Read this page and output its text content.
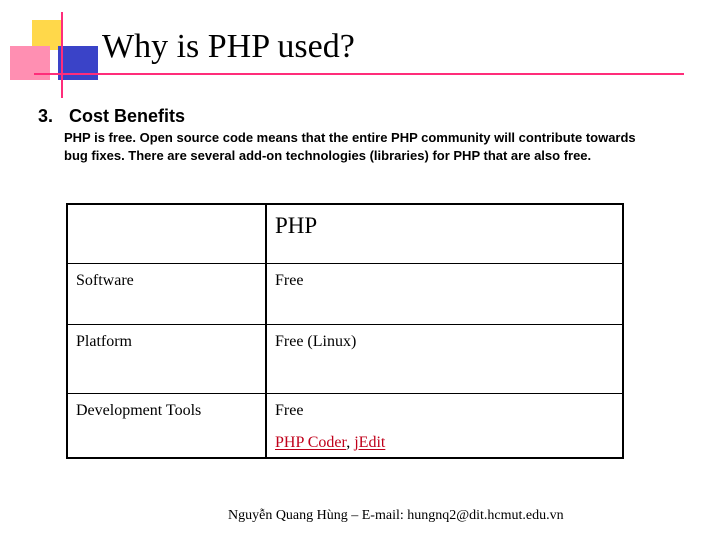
Why is PHP used?
3. Cost Benefits
PHP is free. Open source code means that the entire PHP community will contribute towards bug fixes. There are several add-on technologies (libraries) for PHP that are also free.
	PHP
Software	Free
Platform	Free (Linux)
Development Tools	Free
PHP Coder, jEdit
Nguyễn Quang Hùng – E-mail: hungnq2@dit.hcmut.edu.vn
